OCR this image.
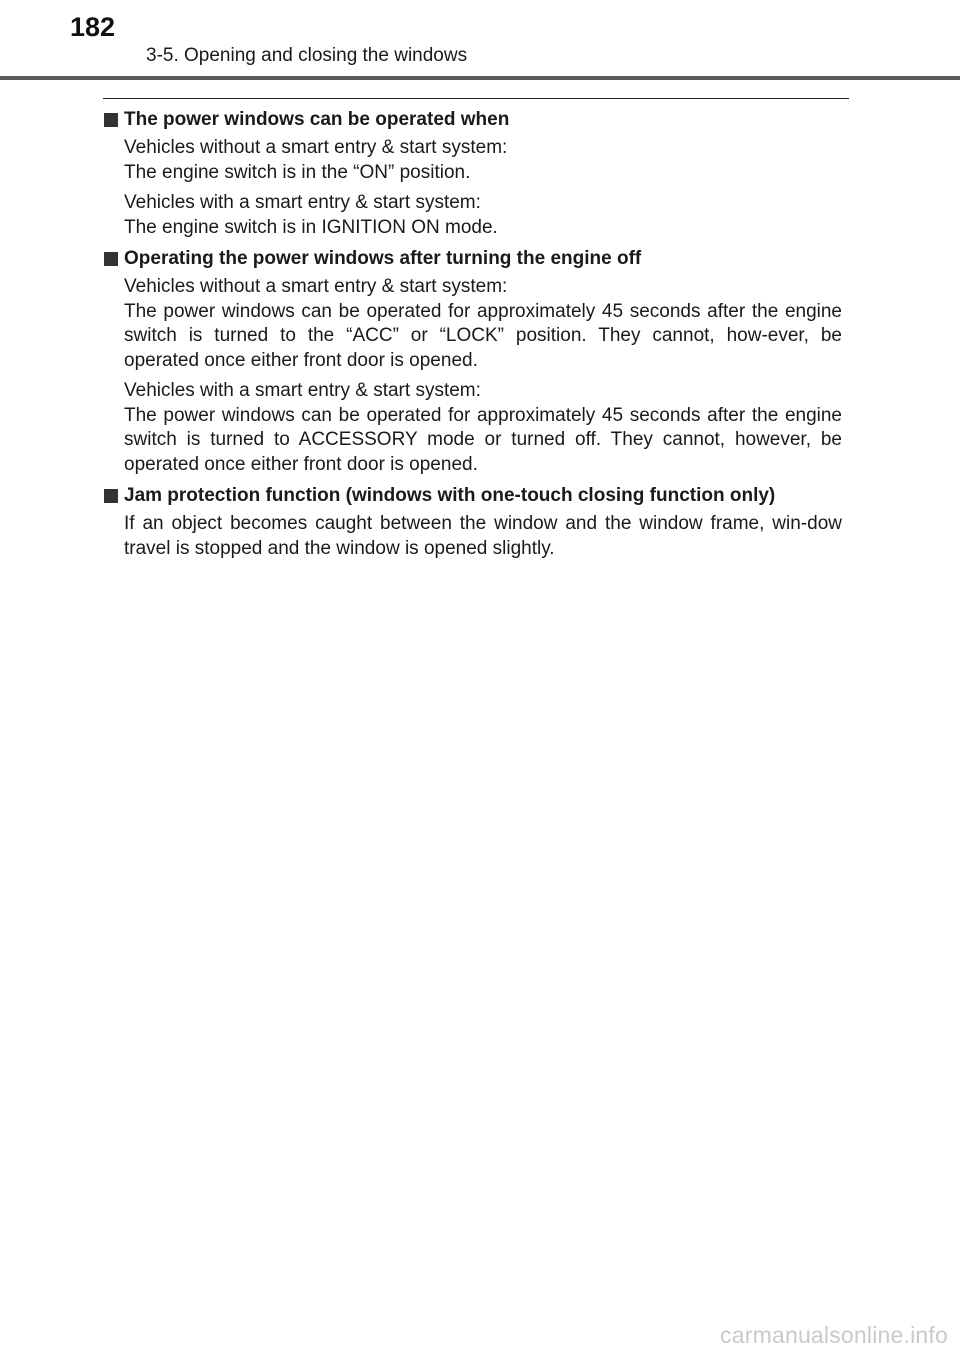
182
3-5. Opening and closing the windows
The power windows can be operated when
Vehicles without a smart entry & start system:
The engine switch is in the “ON” position.
Vehicles with a smart entry & start system:
The engine switch is in IGNITION ON mode.
Operating the power windows after turning the engine off
Vehicles without a smart entry & start system:
The power windows can be operated for approximately 45 seconds after the engine switch is turned to the “ACC” or “LOCK” position. They cannot, how-ever, be operated once either front door is opened.
Vehicles with a smart entry & start system:
The power windows can be operated for approximately 45 seconds after the engine switch is turned to ACCESSORY mode or turned off. They cannot, however, be operated once either front door is opened.
Jam protection function (windows with one-touch closing function only)
If an object becomes caught between the window and the window frame, win-dow travel is stopped and the window is opened slightly.
carmanualsonline.info
